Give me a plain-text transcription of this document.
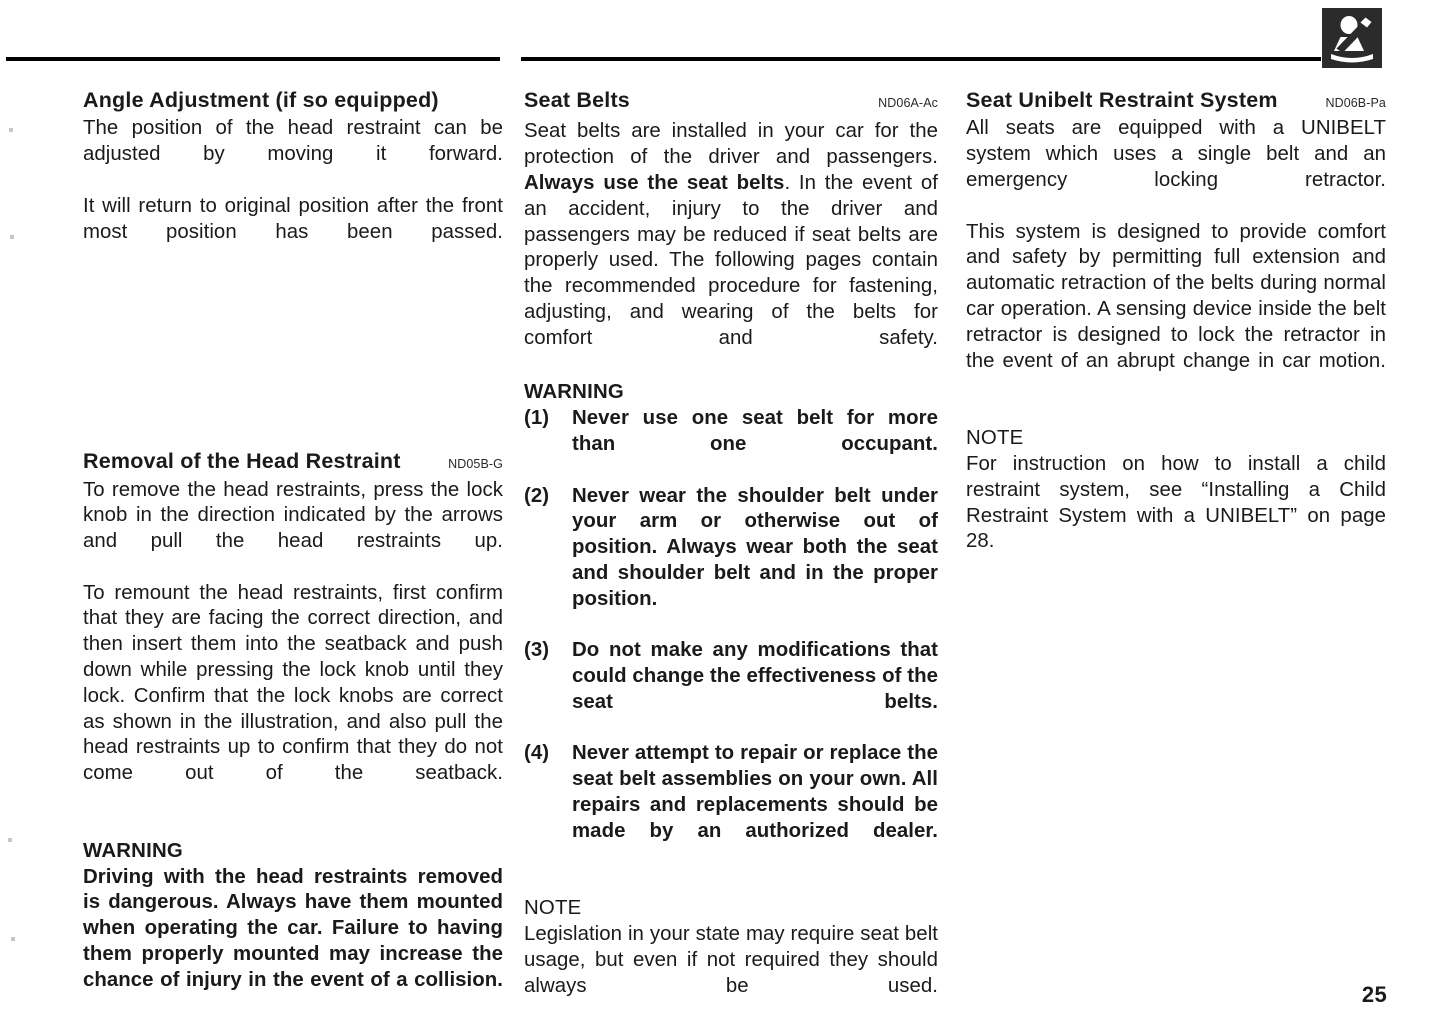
Angle Adjustment (if so equipped)

The position of the head restraint can be adjusted by moving it forward.

It will return to original position after the front most position has been passed.

Removal of the Head Restraint	ND05B-G

To remove the head restraints, press the lock knob in the direction indicated by the arrows and pull the head restraints up.

To remount the head restraints, first confirm that they are facing the correct direction, and then insert them into the seatback and push down while pressing the lock knob until they lock. Confirm that the lock knobs are correct as shown in the illustration, and also pull the head restraints up to confirm that they do not come out of the seatback.

WARNING

Driving with the head restraints removed is dangerous. Always have them mounted when operating the car. Failure to having them properly mounted may increase the chance of injury in the event of a collision.

Seat Belts	ND06A-Ac

Seat belts are installed in your car for the protection of the driver and passengers. Always use the seat belts. In the event of an accident, injury to the driver and passengers may be reduced if seat belts are properly used. The following pages contain the recommended procedure for fastening, adjusting, and wearing of the belts for comfort and safety.

WARNING

(1)	Never use one seat belt for more than one occupant.
(2)	Never wear the shoulder belt under your arm or otherwise out of position. Always wear both the seat and shoulder belt and in the proper position.
(3)	Do not make any modifications that could change the effectiveness of the seat belts.
(4)	Never attempt to repair or replace the seat belt assemblies on your own. All repairs and replacements should be made by an authorized dealer.

NOTE

Legislation in your state may require seat belt usage, but even if not required they should always be used.

Seat Unibelt Restraint System	ND06B-Pa

All seats are equipped with a UNIBELT system which uses a single belt and an emergency locking retractor.

This system is designed to provide comfort and safety by permitting full extension and automatic retraction of the belts during normal car operation. A sensing device inside the belt retractor is designed to lock the retractor in the event of an abrupt change in car motion.

NOTE

For instruction on how to install a child restraint system, see “Installing a Child Restraint System with a UNIBELT” on page 28.

25
